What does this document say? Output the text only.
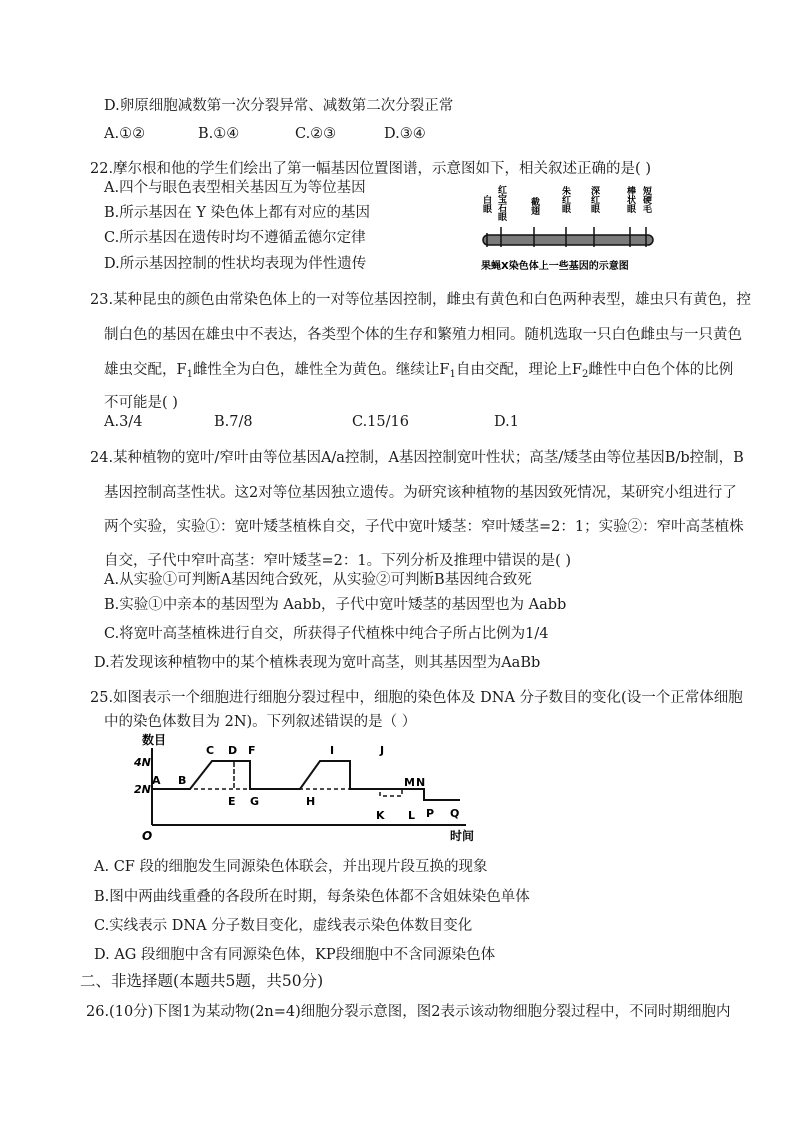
D.卵原细胞减数第一次分裂异常、减数第二次分裂正常
A.①②	B.①④	C.②③	D.③④
22.摩尔根和他的学生们绘出了第一幅基因位置图谱，示意图如下，相关叙述正确的是( )
A.四个与眼色表型相关基因互为等位基因
B.所示基因在 Y 染色体上都有对应的基因
C.所示基因在遗传时均不遵循孟德尔定律
D.所示基因控制的性状均表现为伴性遗传
白眼 红宝石眼	截翅 朱红眼 深红眼	棒状眼 短硬毛
果蝇X染色体上一些基因的示意图
23.某种昆虫的颜色由常染色体上的一对等位基因控制，雌虫有黄色和白色两种表型，雄虫只有黄色，控
制白色的基因在雄虫中不表达，各类型个体的生存和繁殖力相同。随机选取一只白色雌虫与一只黄色
雄虫交配，$F_1$雌性全为白色，雄性全为黄色。继续让$F_1$自由交配，理论上$F_2$雌性中白色个体的比例
不可能是( )
A.3/4	B.7/8	C.15/16	D.1
24.某种植物的宽叶/窄叶由等位基因A/a控制，A基因控制宽叶性状；高茎/矮茎由等位基因B/b控制，B
基因控制高茎性状。这2对等位基因独立遗传。为研究该种植物的基因致死情况，某研究小组进行了
两个实验，实验①：宽叶矮茎植株自交，子代中宽叶矮茎：窄叶矮茎=2：1；实验②：窄叶高茎植株
自交，子代中窄叶高茎：窄叶矮茎=2：1。下列分析及推理中错误的是( )
A.从实验①可判断A基因纯合致死，从实验②可判断B基因纯合致死
B.实验①中亲本的基因型为 Aabb，子代中宽叶矮茎的基因型也为 Aabb
C.将宽叶高茎植株进行自交，所获得子代植株中纯合子所占比例为1/4
D.若发现该种植物中的某个植株表现为宽叶高茎，则其基因型为AaBb
25.如图表示一个细胞进行细胞分裂过程中，细胞的染色体及 DNA 分子数目的变化(设一个正常体细胞
中的染色体数目为 2N)。下列叙述错误的是（ ）
数目
时间
O
4N
2N
A B
C D
E
F
G	H
I	J
K L
M N
P Q
A. CF 段的细胞发生同源染色体联会，并出现片段互换的现象
B.图中两曲线重叠的各段所在时期，每条染色体都不含姐妹染色单体
C.实线表示 DNA 分子数目变化，虚线表示染色体数目变化
D. AG 段细胞中含有同源染色体，KP段细胞中不含同源染色体
二、非选择题(本题共5题，共50分)
26.(10分)下图1为某动物(2n=4)细胞分裂示意图，图2表示该动物细胞分裂过程中，不同时期细胞内
